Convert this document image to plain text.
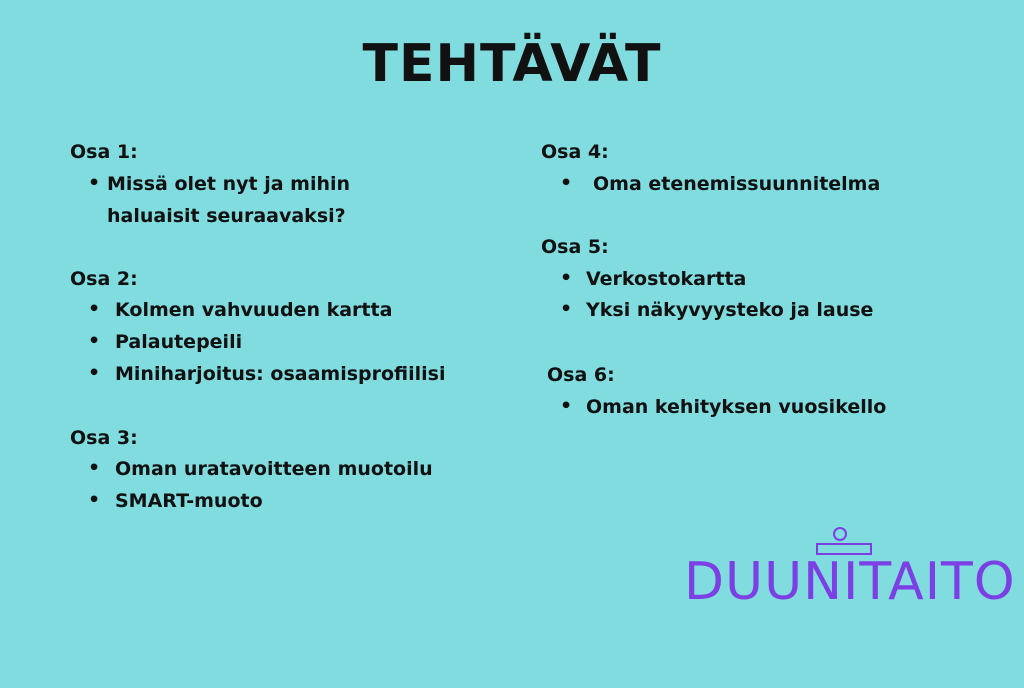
TEHTÄVÄT
Osa 1:
• Missä olet nyt ja mihin
haluaisit seuraavaksi?
Osa 2:
• Kolmen vahvuuden kartta
• Palautepeili
• Miniharjoitus: osaamisprofiilisi
Osa 3:
• Oman uratavoitteen muotoilu
• SMART-muoto
Osa 4:
• Oma etenemissuunnitelma
Osa 5:
• Verkostokartta
• Yksi näkyvyysteko ja lause
Osa 6:
• Oman kehityksen vuosikello
DUUNITAITO
